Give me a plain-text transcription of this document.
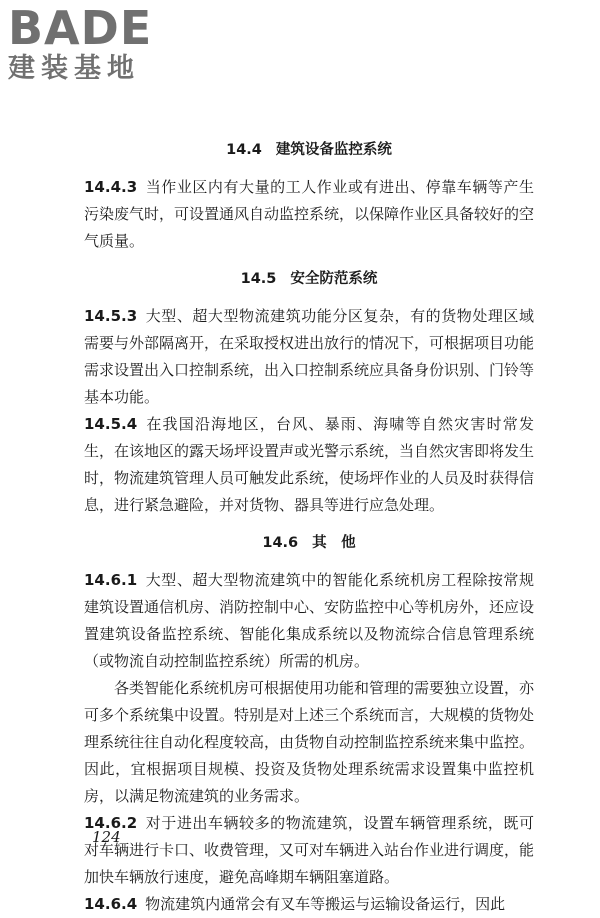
BADE
建装基地
14.4 建筑设备监控系统

14.4.3 当作业区内有大量的工人作业或有进出、停靠车辆等产生污染废气时，可设置通风自动监控系统，以保障作业区具备较好的空气质量。

14.5 安全防范系统

14.5.3 大型、超大型物流建筑功能分区复杂，有的货物处理区域需要与外部隔离开，在采取授权进出放行的情况下，可根据项目功能需求设置出入口控制系统，出入口控制系统应具备身份识别、门铃等基本功能。

14.5.4 在我国沿海地区，台风、暴雨、海啸等自然灾害时常发生，在该地区的露天场坪设置声或光警示系统，当自然灾害即将发生时，物流建筑管理人员可触发此系统，使场坪作业的人员及时获得信息，进行紧急避险，并对货物、器具等进行应急处理。

14.6 其　他

14.6.1 大型、超大型物流建筑中的智能化系统机房工程除按常规建筑设置通信机房、消防控制中心、安防监控中心等机房外，还应设置建筑设备监控系统、智能化集成系统以及物流综合信息管理系统（或物流自动控制监控系统）所需的机房。

各类智能化系统机房可根据使用功能和管理的需要独立设置，亦可多个系统集中设置。特别是对上述三个系统而言，大规模的货物处理系统往往自动化程度较高，由货物自动控制监控系统来集中监控。因此，宜根据项目规模、投资及货物处理系统需求设置集中监控机房，以满足物流建筑的业务需求。

14.6.2 对于进出车辆较多的物流建筑，设置车辆管理系统，既可对车辆进行卡口、收费管理，又可对车辆进入站台作业进行调度，能加快车辆放行速度，避免高峰期车辆阻塞道路。

14.6.4 物流建筑内通常会有叉车等搬运与运输设备运行，因此

124
